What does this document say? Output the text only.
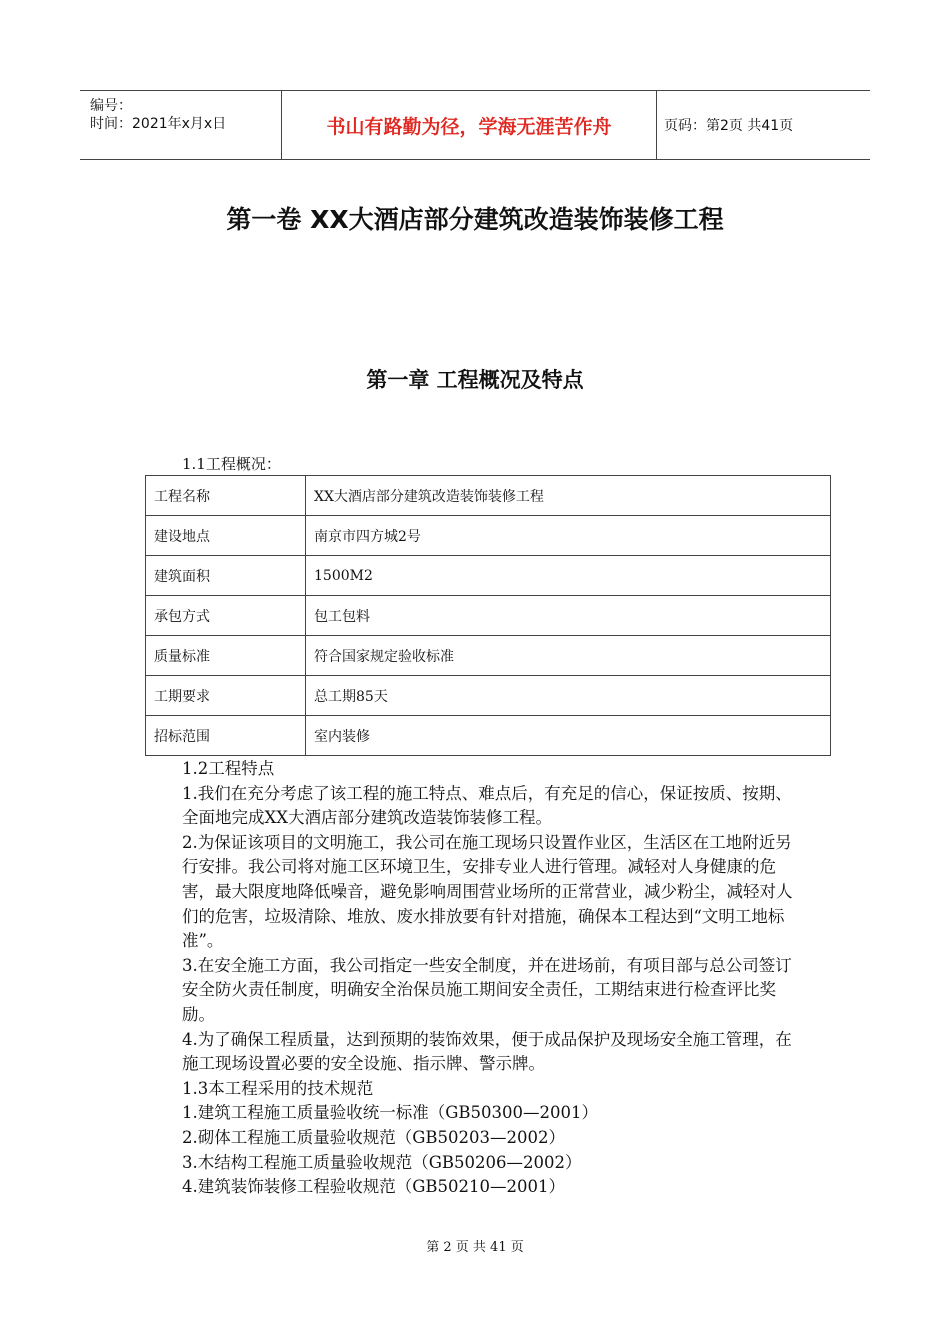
编号：
时间：2021年x月x日	书山有路勤为径，学海无涯苦作舟	页码：第2页 共41页
第一卷 XX大酒店部分建筑改造装饰装修工程
第一章 工程概况及特点
1.1工程概况：
工程名称	XX大酒店部分建筑改造装饰装修工程
建设地点	南京市四方城2号
建筑面积	1500M2
承包方式	包工包料
质量标准	符合国家规定验收标准
工期要求	总工期85天
招标范围	室内装修

1.2工程特点

1.我们在充分考虑了该工程的施工特点、难点后，有充足的信心，保证按质、按期、全面地完成XX大酒店部分建筑改造装饰装修工程。

2.为保证该项目的文明施工，我公司在施工现场只设置作业区，生活区在工地附近另行安排。我公司将对施工区环境卫生，安排专业人进行管理。减轻对人身健康的危害，最大限度地降低噪音，避免影响周围营业场所的正常营业，减少粉尘，减轻对人们的危害，垃圾清除、堆放、废水排放要有针对措施，确保本工程达到“文明工地标准”。

3.在安全施工方面，我公司指定一些安全制度，并在进场前，有项目部与总公司签订安全防火责任制度，明确安全治保员施工期间安全责任，工期结束进行检查评比奖励。

4.为了确保工程质量，达到预期的装饰效果，便于成品保护及现场安全施工管理，在施工现场设置必要的安全设施、指示牌、警示牌。

1.3本工程采用的技术规范

1.建筑工程施工质量验收统一标准（GB50300—2001）

2.砌体工程施工质量验收规范（GB50203—2002）

3.木结构工程施工质量验收规范（GB50206—2002）

4.建筑装饰装修工程验收规范（GB50210—2001）

第 2 页 共 41 页
